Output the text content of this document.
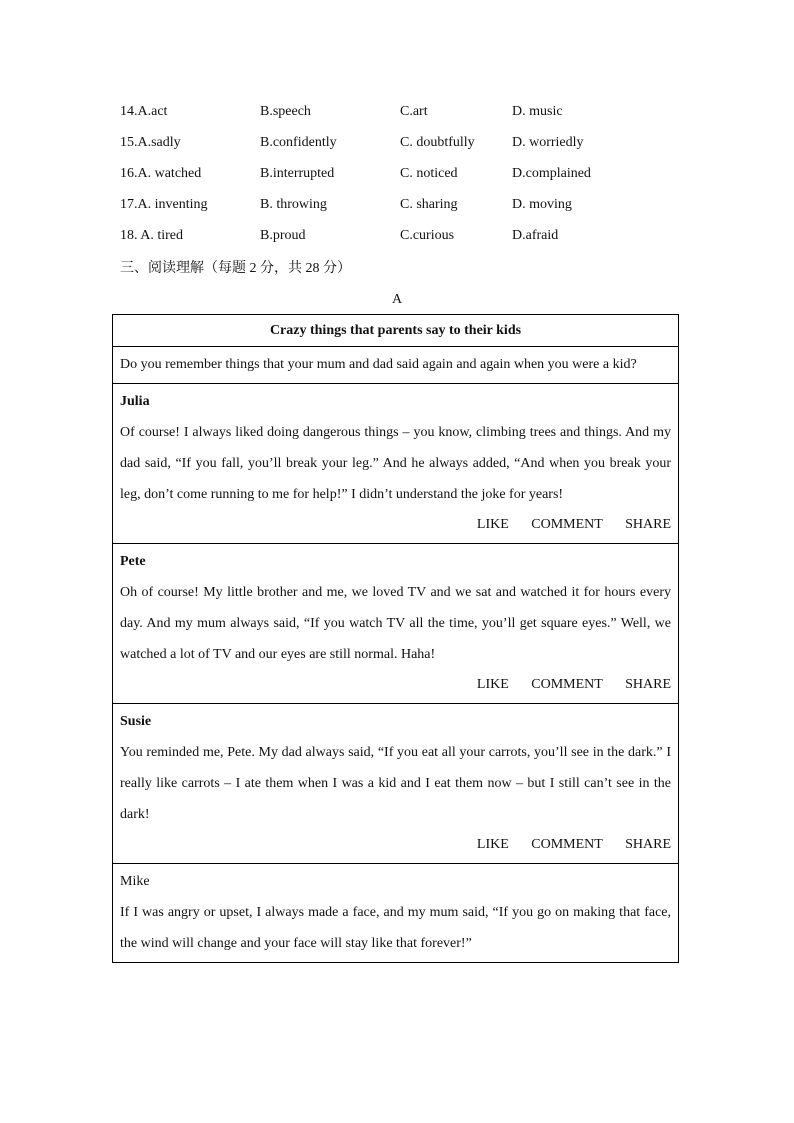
14.A.act	B.speech	C.art	D. music
15.A.sadly	B.confidently	C. doubtfully	D. worriedly
16.A. watched	B.interrupted	C. noticed	D.complained
17.A. inventing	B. throwing	C. sharing	D. moving
18. A. tired	B.proud	C.curious	D.afraid
三、阅读理解（每题 2 分，共 28 分）
A
Crazy things that parents say to their kids
Do you remember things that your mum and dad said again and again when you were a kid?
Julia
Of course! I always liked doing dangerous things – you know, climbing trees and things. And my dad said, “If you fall, you’ll break your leg.” And he always added, “And when you break your leg, don’t come running to me for help!” I didn’t understand the joke for years!
LIKE COMMENT SHARE
Pete
Oh of course! My little brother and me, we loved TV and we sat and watched it for hours every day. And my mum always said, “If you watch TV all the time, you’ll get square eyes.” Well, we watched a lot of TV and our eyes are still normal. Haha!
LIKE COMMENT SHARE
Susie
You reminded me, Pete. My dad always said, “If you eat all your carrots, you’ll see in the dark.” I really like carrots – I ate them when I was a kid and I eat them now – but I still can’t see in the dark!
LIKE COMMENT SHARE
Mike
If I was angry or upset, I always made a face, and my mum said, “If you go on making that face, the wind will change and your face will stay like that forever!”
